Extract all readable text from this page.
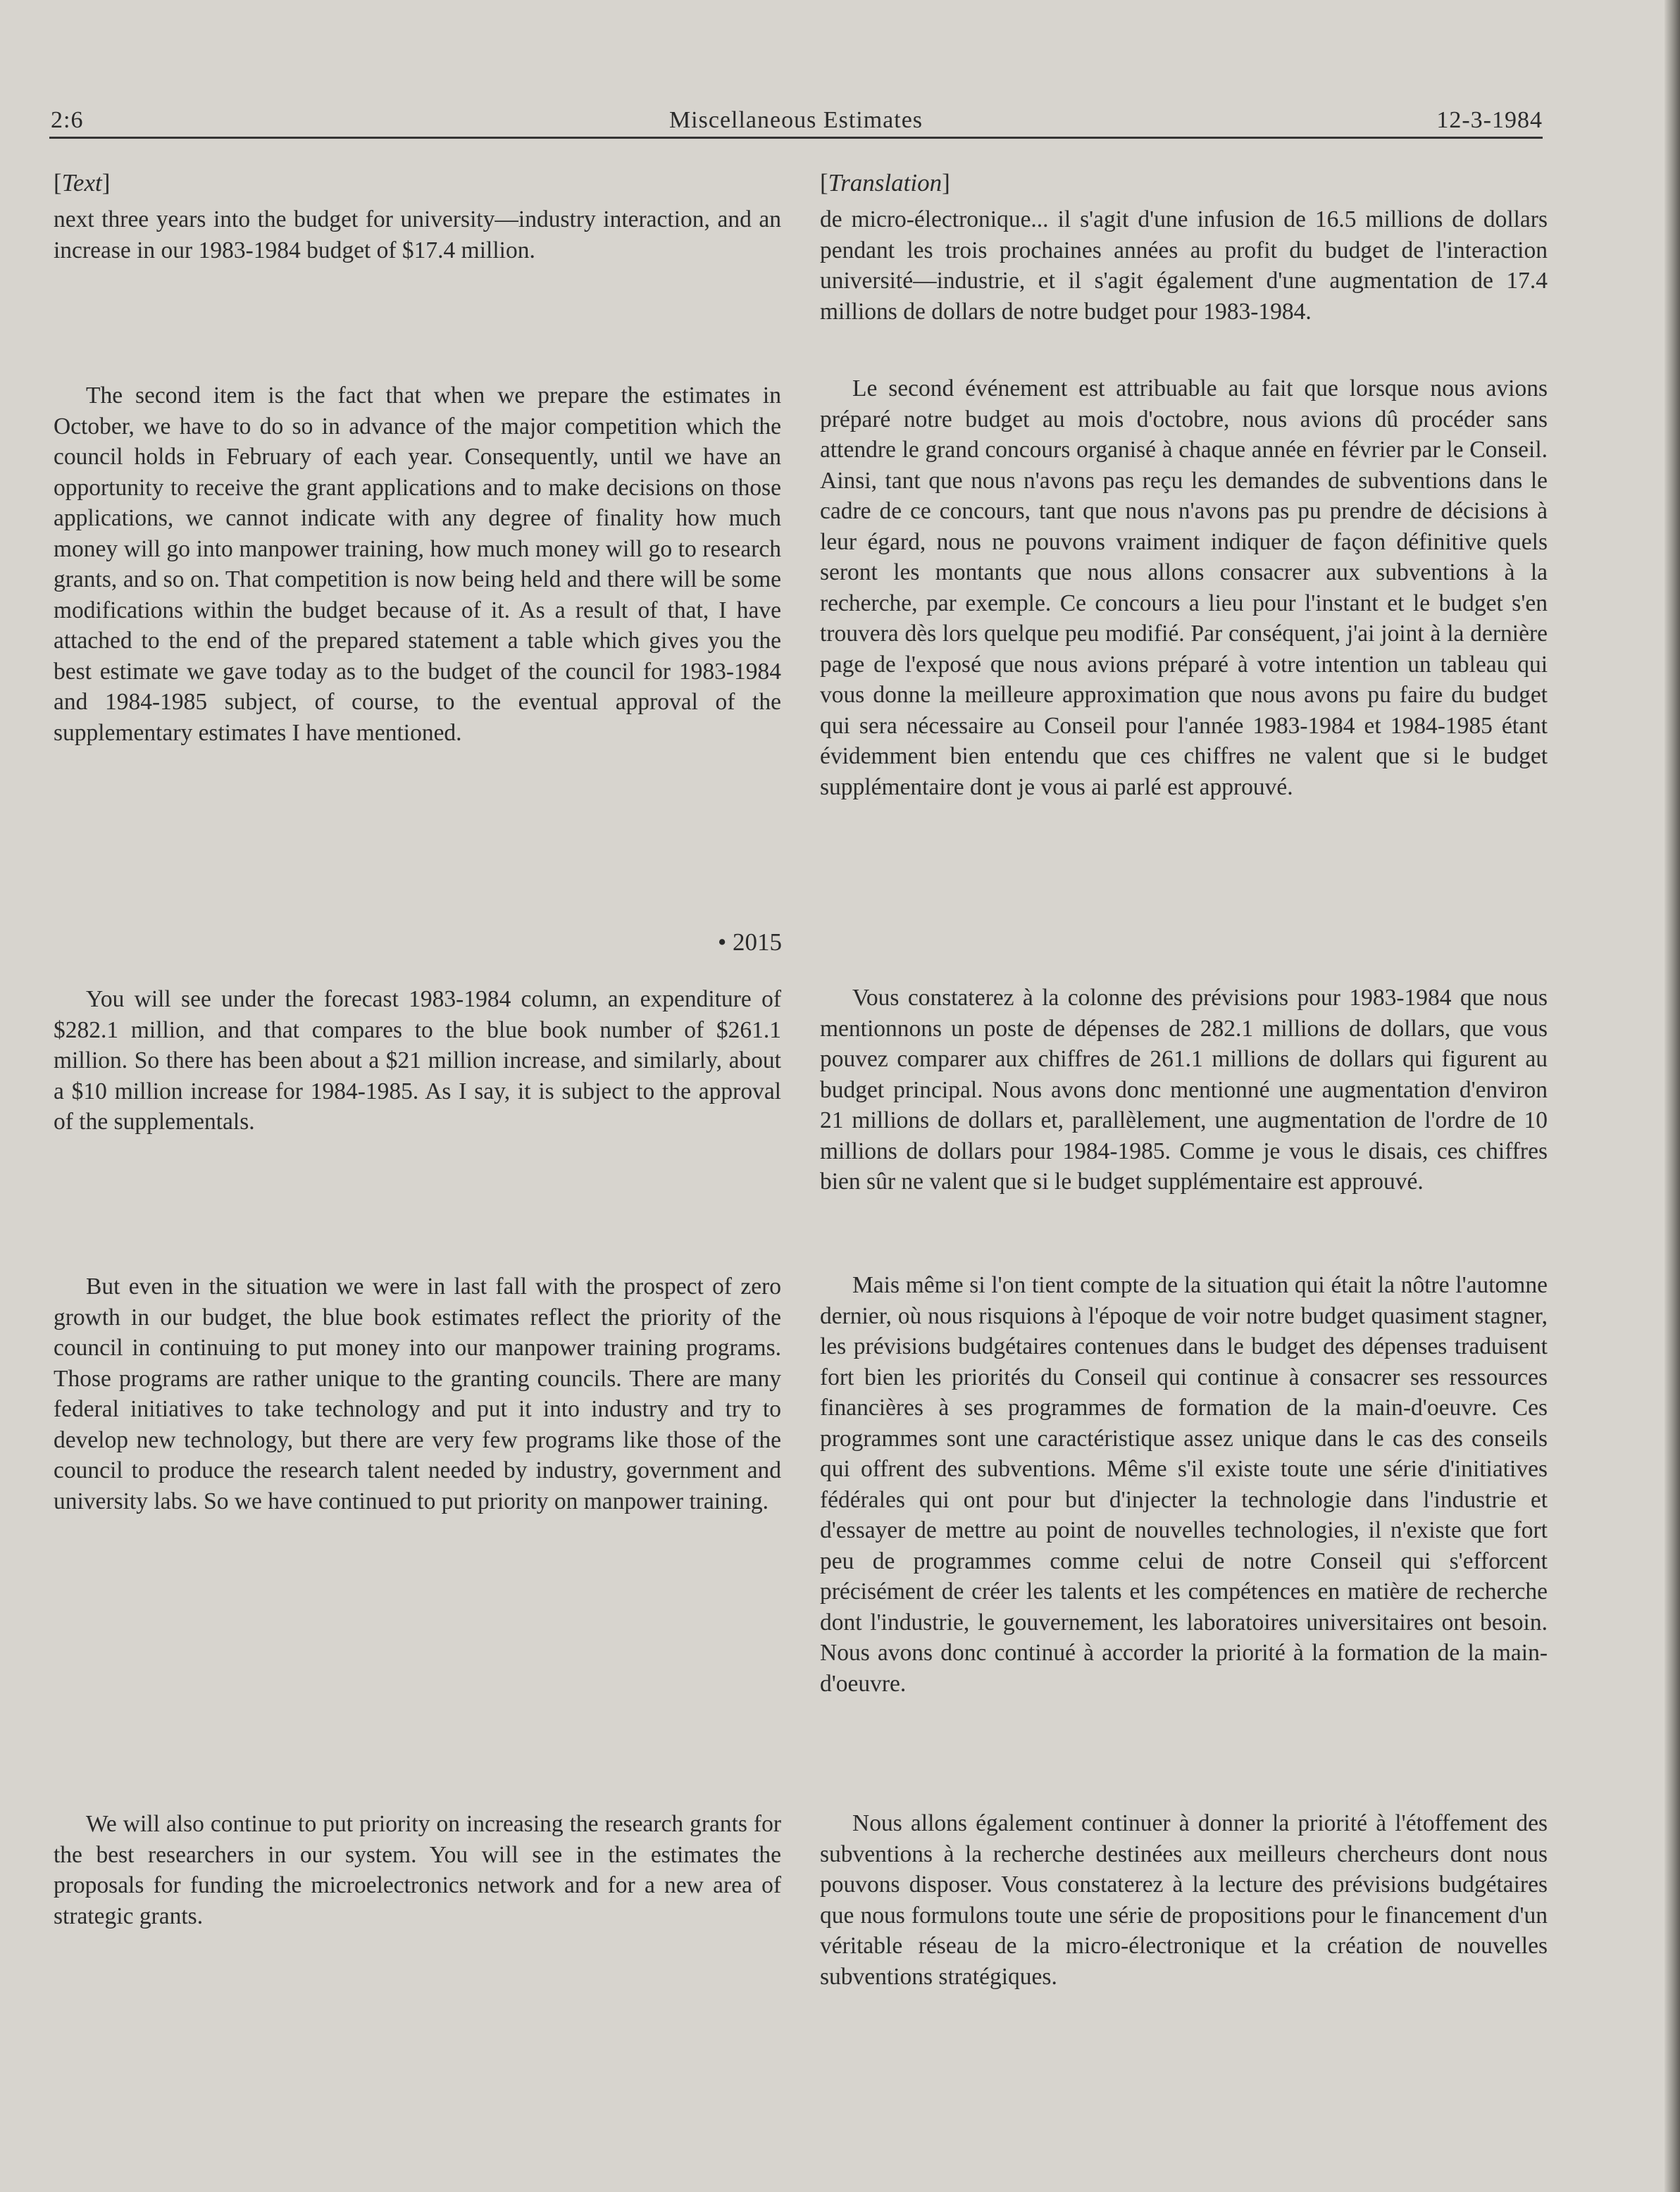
2:6	Miscellaneous Estimates	12-3-1984
[Text]

next three years into the budget for university—industry interaction, and an increase in our 1983-1984 budget of $17.4 million.

The second item is the fact that when we prepare the estimates in October, we have to do so in advance of the major competition which the council holds in February of each year. Consequently, until we have an opportunity to receive the grant applications and to make decisions on those applications, we cannot indicate with any degree of finality how much money will go into manpower training, how much money will go to research grants, and so on. That competition is now being held and there will be some modifications within the budget because of it. As a result of that, I have attached to the end of the prepared statement a table which gives you the best estimate we gave today as to the budget of the council for 1983-1984 and 1984-1985 subject, of course, to the eventual approval of the supplementary estimates I have mentioned.

• 2015

You will see under the forecast 1983-1984 column, an expenditure of $282.1 million, and that compares to the blue book number of $261.1 million. So there has been about a $21 million increase, and similarly, about a $10 million increase for 1984-1985. As I say, it is subject to the approval of the supplementals.

But even in the situation we were in last fall with the prospect of zero growth in our budget, the blue book estimates reflect the priority of the council in continuing to put money into our manpower training programs. Those programs are rather unique to the granting councils. There are many federal initiatives to take technology and put it into industry and try to develop new technology, but there are very few programs like those of the council to produce the research talent needed by industry, government and university labs. So we have continued to put priority on manpower training.

We will also continue to put priority on increasing the research grants for the best researchers in our system. You will see in the estimates the proposals for funding the microelectronics network and for a new area of strategic grants.

[Translation]

de micro-électronique... il s'agit d'une infusion de 16.5 millions de dollars pendant les trois prochaines années au profit du budget de l'interaction université—industrie, et il s'agit également d'une augmentation de 17.4 millions de dollars de notre budget pour 1983-1984.

Le second événement est attribuable au fait que lorsque nous avions préparé notre budget au mois d'octobre, nous avions dû procéder sans attendre le grand concours organisé à chaque année en février par le Conseil. Ainsi, tant que nous n'avons pas reçu les demandes de subventions dans le cadre de ce concours, tant que nous n'avons pas pu prendre de décisions à leur égard, nous ne pouvons vraiment indiquer de façon définitive quels seront les montants que nous allons consacrer aux subventions à la recherche, par exemple. Ce concours a lieu pour l'instant et le budget s'en trouvera dès lors quelque peu modifié. Par conséquent, j'ai joint à la dernière page de l'exposé que nous avions préparé à votre intention un tableau qui vous donne la meilleure approximation que nous avons pu faire du budget qui sera nécessaire au Conseil pour l'année 1983-1984 et 1984-1985 étant évidemment bien entendu que ces chiffres ne valent que si le budget supplémentaire dont je vous ai parlé est approuvé.

Vous constaterez à la colonne des prévisions pour 1983-1984 que nous mentionnons un poste de dépenses de 282.1 millions de dollars, que vous pouvez comparer aux chiffres de 261.1 millions de dollars qui figurent au budget principal. Nous avons donc mentionné une augmentation d'environ 21 millions de dollars et, parallèlement, une augmentation de l'ordre de 10 millions de dollars pour 1984-1985. Comme je vous le disais, ces chiffres bien sûr ne valent que si le budget supplémentaire est approuvé.

Mais même si l'on tient compte de la situation qui était la nôtre l'automne dernier, où nous risquions à l'époque de voir notre budget quasiment stagner, les prévisions budgétaires contenues dans le budget des dépenses traduisent fort bien les priorités du Conseil qui continue à consacrer ses ressources financières à ses programmes de formation de la main-d'oeuvre. Ces programmes sont une caractéristique assez unique dans le cas des conseils qui offrent des subventions. Même s'il existe toute une série d'initiatives fédérales qui ont pour but d'injecter la technologie dans l'industrie et d'essayer de mettre au point de nouvelles technologies, il n'existe que fort peu de programmes comme celui de notre Conseil qui s'efforcent précisément de créer les talents et les compétences en matière de recherche dont l'industrie, le gouvernement, les laboratoires universitaires ont besoin. Nous avons donc continué à accorder la priorité à la formation de la main-d'oeuvre.

Nous allons également continuer à donner la priorité à l'étoffement des subventions à la recherche destinées aux meilleurs chercheurs dont nous pouvons disposer. Vous constaterez à la lecture des prévisions budgétaires que nous formulons toute une série de propositions pour le financement d'un véritable réseau de la micro-électronique et la création de nouvelles subventions stratégiques.
